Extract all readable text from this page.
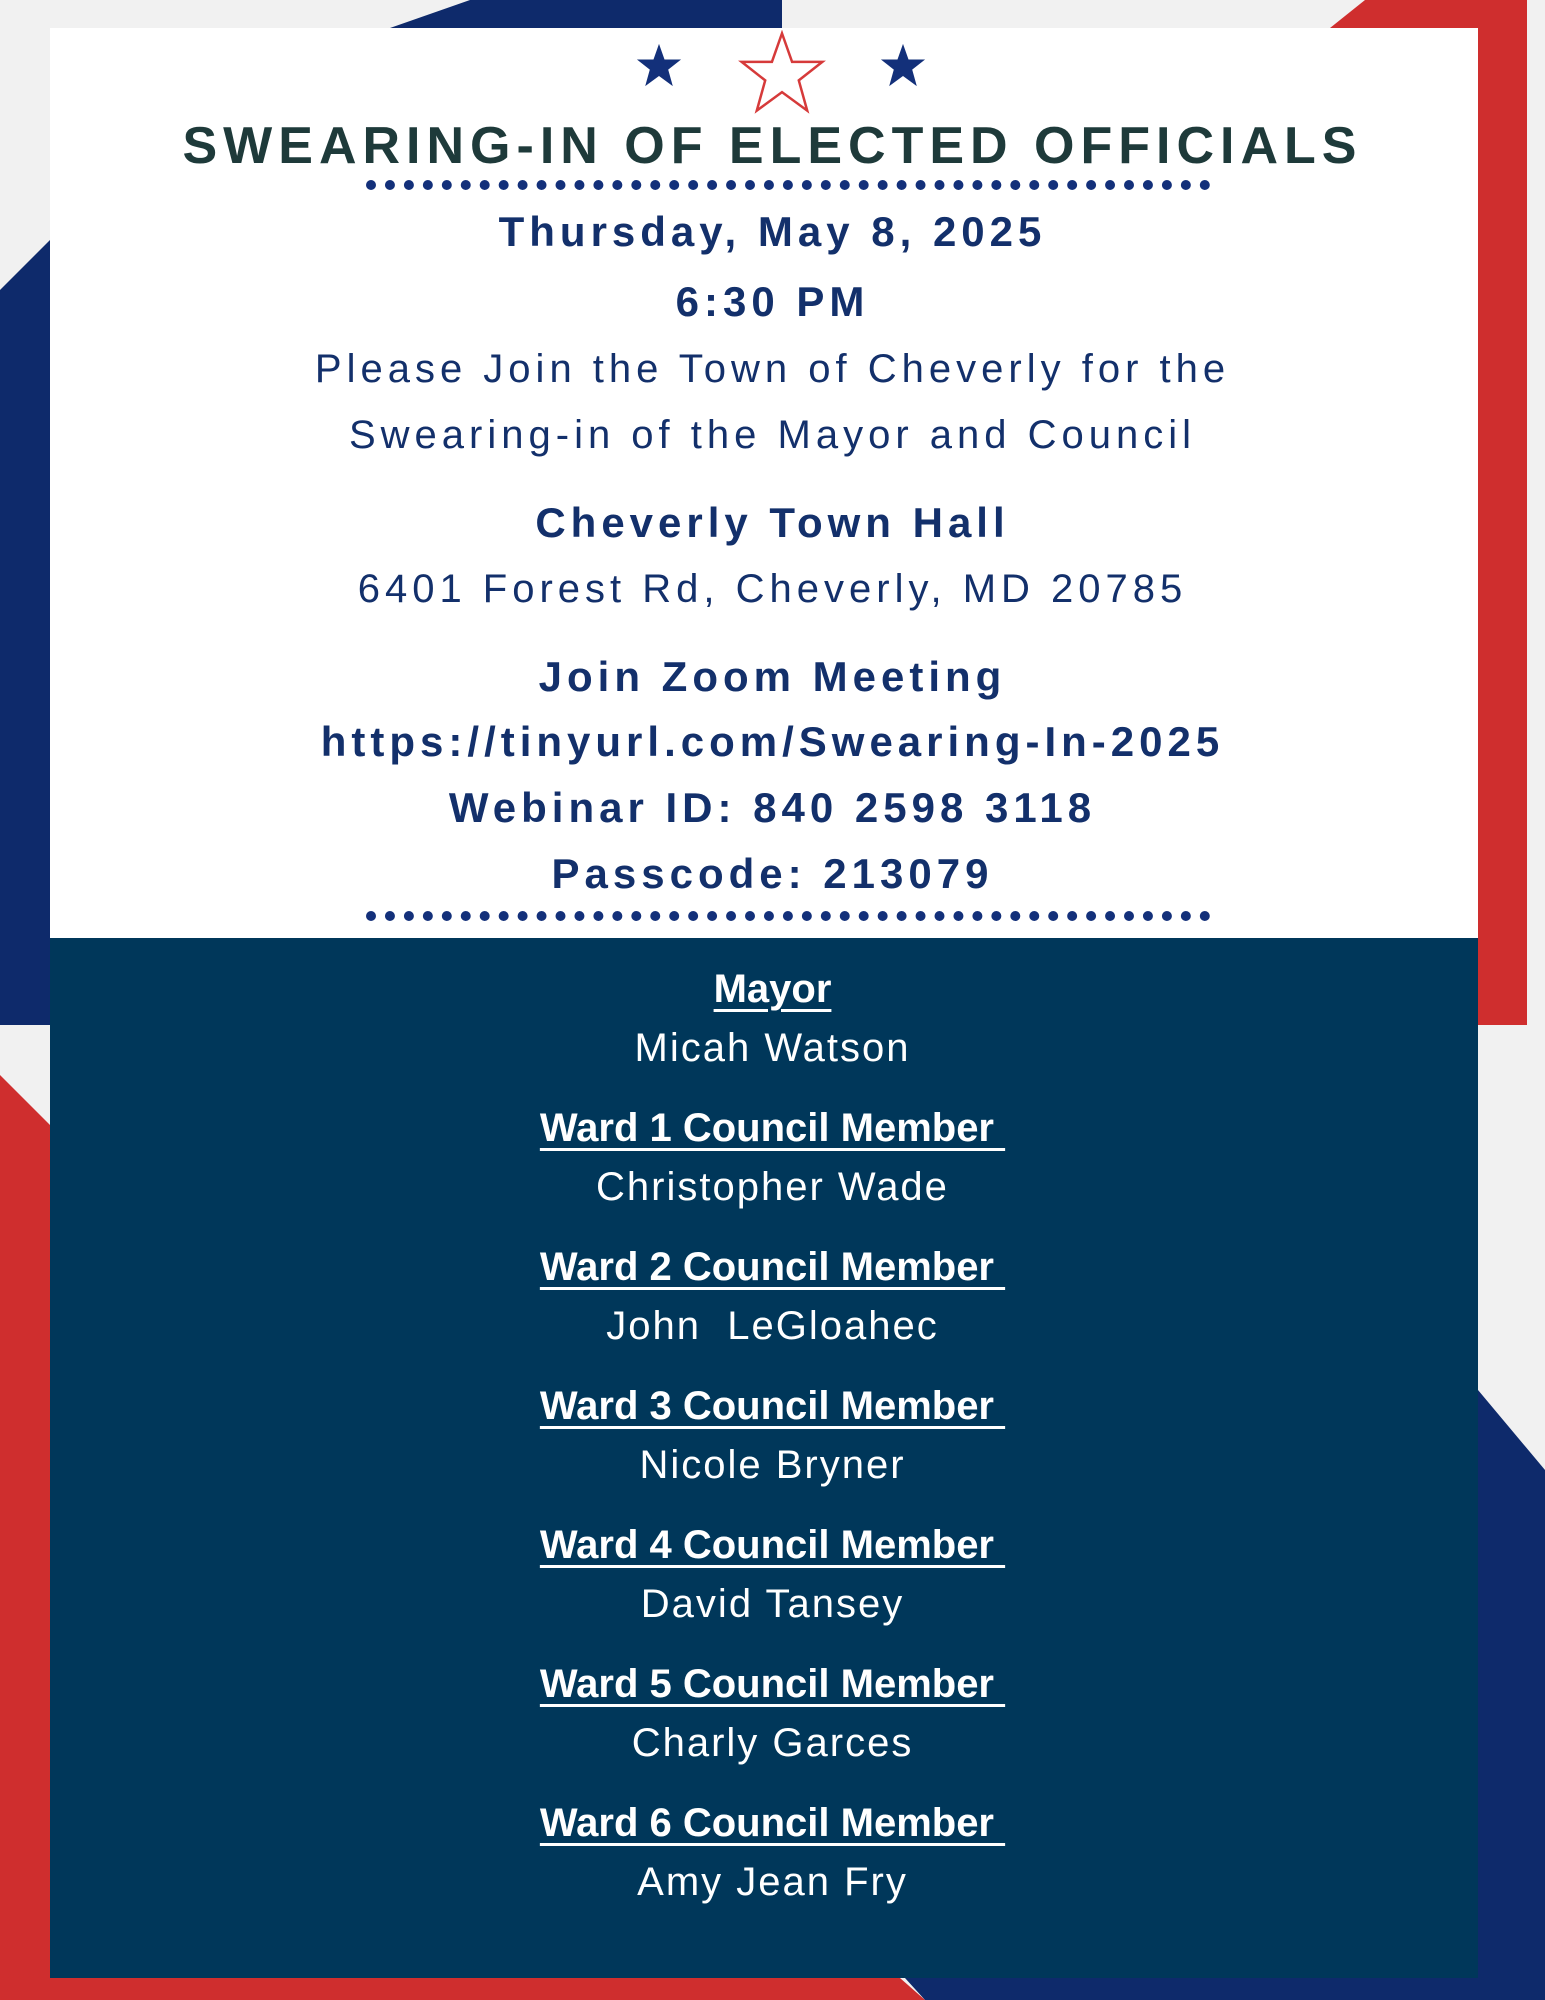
SWEARING-IN OF ELECTED OFFICIALS

Thursday, May 8, 2025

6:30 PM

Please Join the Town of Cheverly for the

Swearing-in of the Mayor and Council

Cheverly Town Hall

6401 Forest Rd, Cheverly, MD 20785

Join Zoom Meeting

https://tinyurl.com/Swearing-In-2025

Webinar ID: 840 2598 3118

Passcode: 213079

Mayor

Micah Watson

Ward 1 Council Member

Christopher Wade

Ward 2 Council Member

John  LeGloahec

Ward 3 Council Member

Nicole Bryner

Ward 4 Council Member

David Tansey

Ward 5 Council Member

Charly Garces

Ward 6 Council Member

Amy Jean Fry
